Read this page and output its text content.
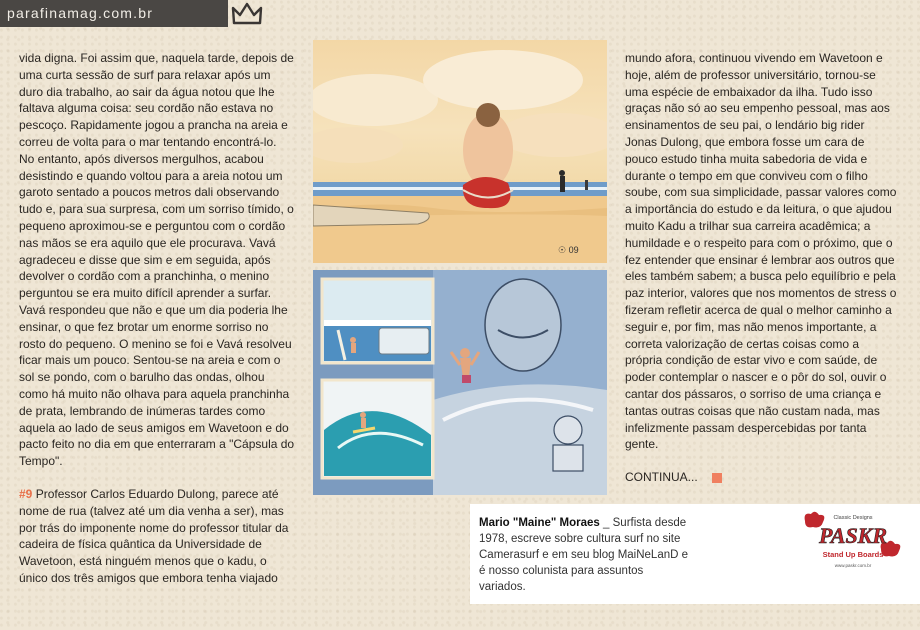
parafinamag.com.br

vida digna. Foi assim que, naquela tarde, depois de uma curta sessão de surf para relaxar após um duro dia trabalho, ao sair da água notou que lhe faltava alguma coisa: seu cordão não estava no pescoço. Rapidamente jogou a prancha na areia e correu de volta para o mar tentando encontrá-lo. No entanto, após diversos mergulhos, acabou desistindo e quando voltou para a areia notou um garoto sentado a poucos metros dali observando tudo e, para sua surpresa, com um sorriso tímido, o pequeno aproximou-se e perguntou com o cordão nas mãos se era aquilo que ele procurava. Vavá agradeceu e disse que sim e em seguida, após devolver o cordão com a pranchinha, o menino perguntou se era muito difícil aprender a surfar. Vavá respondeu que não e que um dia poderia lhe ensinar, o que fez brotar um enorme sorriso no rosto do pequeno. O menino se foi e Vavá resolveu ficar mais um pouco. Sentou-se na areia e com o sol se pondo, com o barulho das ondas, olhou como há muito não olhava para aquela pranchinha de prata, lembrando de inúmeras tardes como aquela ao lado de seus amigos em Wavetoon e do pacto feito no dia em que enterraram a "Cápsula do Tempo".

#9 Professor Carlos Eduardo Dulong, parece até nome de rua (talvez até um dia venha a ser), mas por trás do imponente nome do professor titular da cadeira de física quântica da Universidade de Wavetoon, está ninguém menos que o kadu, o único dos três amigos que embora tenha viajado

☉ 09

mundo afora, continuou vivendo em Wavetoon e hoje, além de professor universitário, tornou-se uma espécie de embaixador da ilha. Tudo isso graças não só ao seu empenho pessoal, mas aos ensinamentos de seu pai, o lendário big rider Jonas Dulong, que embora fosse um cara de pouco estudo tinha muita sabedoria de vida e durante o tempo em que conviveu com o filho soube, com sua simplicidade, passar valores como a importância do estudo e da leitura, o que ajudou muito Kadu a trilhar sua carreira acadêmica; a humildade e o respeito para com o próximo, que o fez entender que ensinar é lembrar aos outros que eles também sabem; a busca pelo equilíbrio e pela paz interior, valores que nos momentos de stress o fizeram refletir acerca de qual o melhor caminho a seguir e, por fim, mas não menos importante, a correta valorização de certas coisas como a própria condição de estar vivo e com saúde, de poder contemplar o nascer e o pôr do sol, ouvir o cantar dos pássaros, o sorriso de uma criança e tantas outras coisas que não custam nada, mas infelizmente passam despercebidas por tanta gente.

CONTINUA...

Mario "Maine" Moraes _ Surfista desde 1978, escreve sobre cultura surf no site Camerasurf e em seu blog MaiNeLanD e é nosso colunista para assuntos variados.
Classic Designs
PASKR
Stand Up Boards
www.paskr.com.br
